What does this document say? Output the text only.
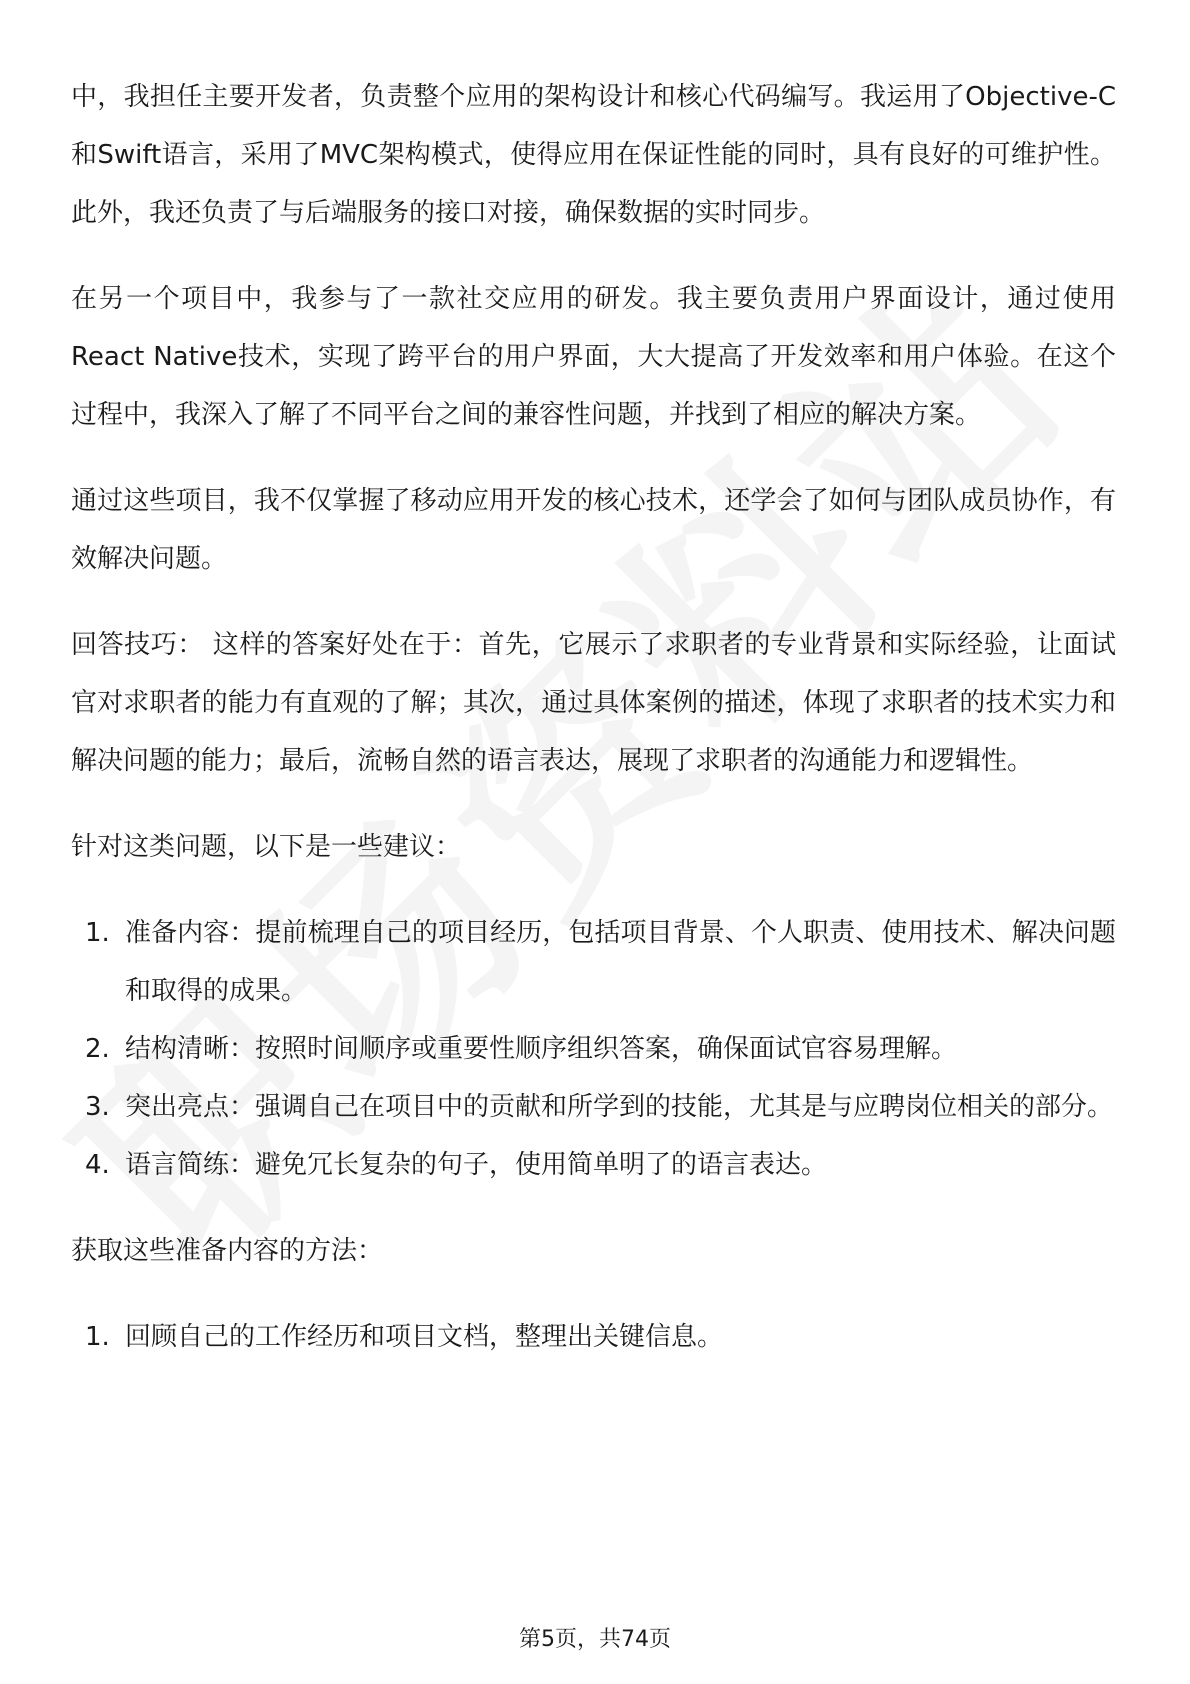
中，我担任主要开发者，负责整个应用的架构设计和核心代码编写。我运用了Objective-C和Swift语言，采用了MVC架构模式，使得应用在保证性能的同时，具有良好的可维护性。此外，我还负责了与后端服务的接口对接，确保数据的实时同步。

在另一个项目中，我参与了一款社交应用的研发。我主要负责用户界面设计，通过使用React Native技术，实现了跨平台的用户界面，大大提高了开发效率和用户体验。在这个过程中，我深入了解了不同平台之间的兼容性问题，并找到了相应的解决方案。

通过这些项目，我不仅掌握了移动应用开发的核心技术，还学会了如何与团队成员协作，有效解决问题。

回答技巧： 这样的答案好处在于：首先，它展示了求职者的专业背景和实际经验，让面试官对求职者的能力有直观的了解；其次，通过具体案例的描述，体现了求职者的技术实力和解决问题的能力；最后，流畅自然的语言表达，展现了求职者的沟通能力和逻辑性。

针对这类问题，以下是一些建议：

1. 准备内容：提前梳理自己的项目经历，包括项目背景、个人职责、使用技术、解决问题和取得的成果。
2. 结构清晰：按照时间顺序或重要性顺序组织答案，确保面试官容易理解。
3. 突出亮点：强调自己在项目中的贡献和所学到的技能，尤其是与应聘岗位相关的部分。
4. 语言简练：避免冗长复杂的句子，使用简单明了的语言表达。

获取这些准备内容的方法：

1. 回顾自己的工作经历和项目文档，整理出关键信息。
第5页，共74页
